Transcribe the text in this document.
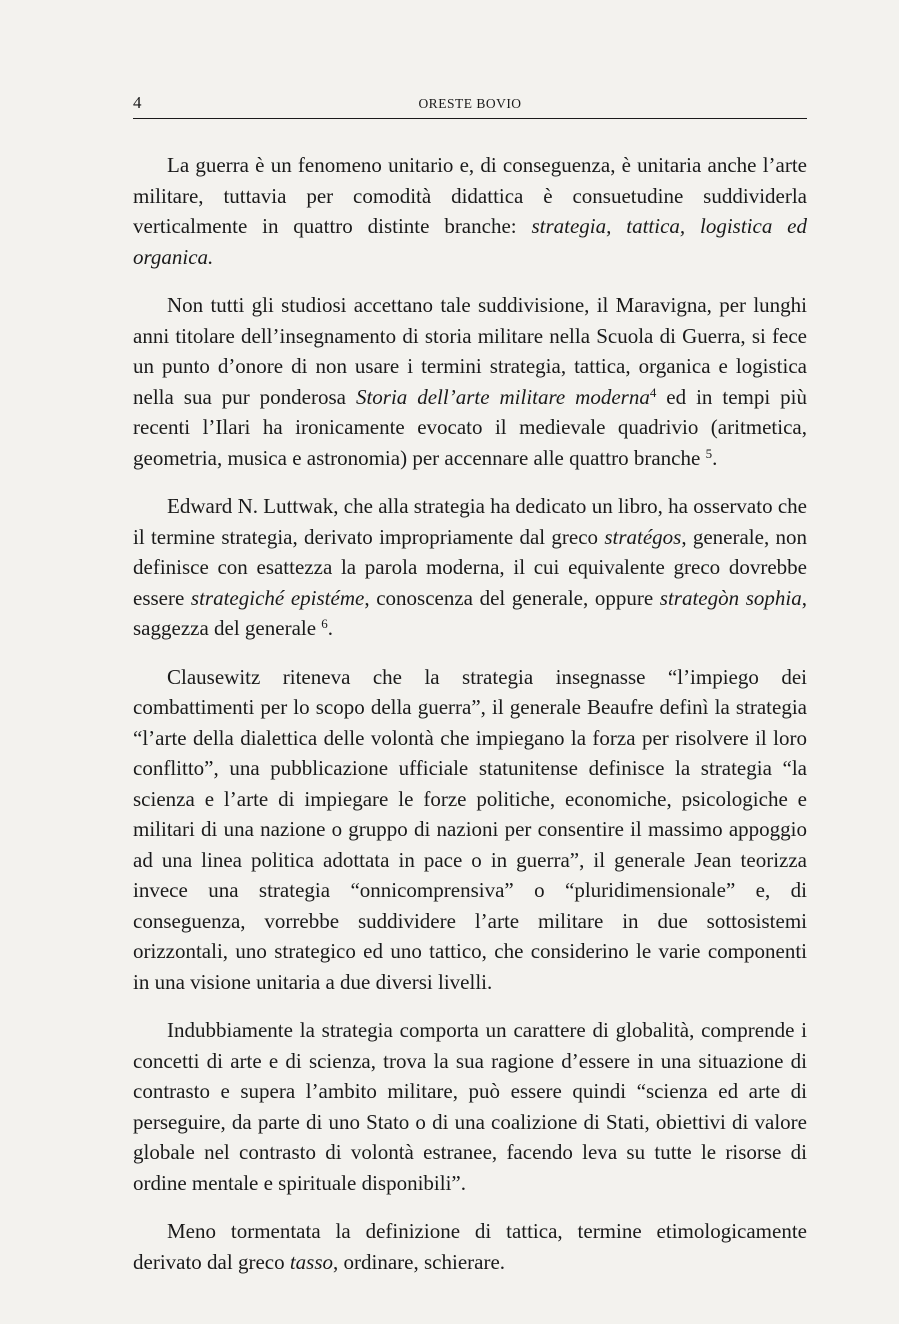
4	ORESTE BOVIO

La guerra è un fenomeno unitario e, di conseguenza, è unitaria anche l’arte militare, tuttavia per comodità didattica è consuetudine suddividerla verticalmente in quattro distinte branche: strategia, tattica, logistica ed organica.

Non tutti gli studiosi accettano tale suddivisione, il Maravigna, per lunghi anni titolare dell’insegnamento di storia militare nella Scuola di Guerra, si fece un punto d’onore di non usare i termini strategia, tattica, organica e logistica nella sua pur ponderosa Storia dell’arte militare moderna$^4$ ed in tempi più recenti l’Ilari ha ironicamente evocato il medievale quadrivio (aritmetica, geometria, musica e astronomia) per accennare alle quattro branche $^5$.

Edward N. Luttwak, che alla strategia ha dedicato un libro, ha osservato che il termine strategia, derivato impropriamente dal greco stratégos, generale, non definisce con esattezza la parola moderna, il cui equivalente greco dovrebbe essere strategiché epistéme, conoscenza del generale, oppure strategòn sophia, saggezza del generale $^6$.

Clausewitz riteneva che la strategia insegnasse “l’impiego dei combattimenti per lo scopo della guerra”, il generale Beaufre definì la strategia “l’arte della dialettica delle volontà che impiegano la forza per risolvere il loro conflitto”, una pubblicazione ufficiale statunitense definisce la strategia “la scienza e l’arte di impiegare le forze politiche, economiche, psicologiche e militari di una nazione o gruppo di nazioni per consentire il massimo appoggio ad una linea politica adottata in pace o in guerra”, il generale Jean teorizza invece una strategia “onnicomprensiva” o “pluridimensionale” e, di conseguenza, vorrebbe suddividere l’arte militare in due sottosistemi orizzontali, uno strategico ed uno tattico, che considerino le varie componenti in una visione unitaria a due diversi livelli.

Indubbiamente la strategia comporta un carattere di globalità, comprende i concetti di arte e di scienza, trova la sua ragione d’essere in una situazione di contrasto e supera l’ambito militare, può essere quindi “scienza ed arte di perseguire, da parte di uno Stato o di una coalizione di Stati, obiettivi di valore globale nel contrasto di volontà estranee, facendo leva su tutte le risorse di ordine mentale e spirituale disponibili”.

Meno tormentata la definizione di tattica, termine etimologicamente derivato dal greco tasso, ordinare, schierare.
